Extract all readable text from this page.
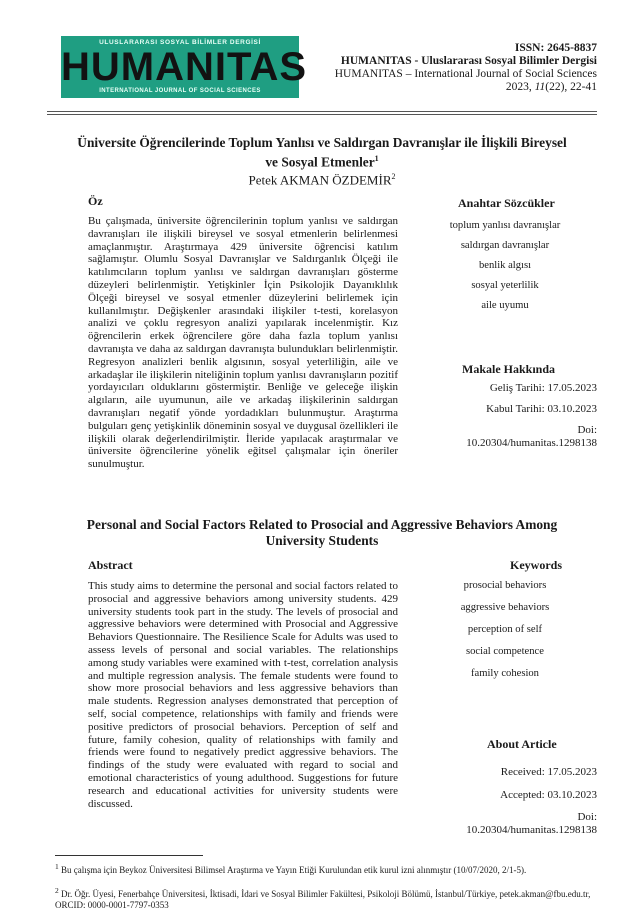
ULUSLARARASI SOSYAL BİLİMLER DERGİSİ
HUMANITAS
INTERNATIONAL JOURNAL OF SOCIAL SCIENCES
ISSN: 2645-8837
HUMANITAS - Uluslararası Sosyal Bilimler Dergisi
HUMANITAS – International Journal of Social Sciences
2023, 11(22), 22-41
Üniversite Öğrencilerinde Toplum Yanlısı ve Saldırgan Davranışlar ile İlişkili Bireysel
ve Sosyal Etmenler$^1$
Petek AKMAN ÖZDEMİR$^2$
Öz	Anahtar Sözcükler
Bu çalışmada, üniversite öğrencilerinin toplum yanlısı ve saldırgan davranışları ile ilişkili bireysel ve sosyal etmenlerin belirlenmesi amaçlanmıştır. Araştırmaya 429 üniversite öğrencisi katılım sağlamıştır. Olumlu Sosyal Davranışlar ve Saldırganlık Ölçeği ile katılımcıların toplum yanlısı ve saldırgan davranışları gösterme düzeyleri belirlenmiştir. Yetişkinler İçin Psikolojik Dayanıklılık Ölçeği bireysel ve sosyal etmenler düzeylerini belirlemek için kullanılmıştır. Değişkenler arasındaki ilişkiler t-testi, korelasyon analizi ve çoklu regresyon analizi yapılarak incelenmiştir. Kız öğrencilerin erkek öğrencilere göre daha fazla toplum yanlısı davranışta ve daha az saldırgan davranışta bulundukları belirlenmiştir. Regresyon analizleri benlik algısının, sosyal yeterliliğin, aile ve arkadaşlar ile ilişkilerin niteliğinin toplum yanlısı davranışların pozitif yordayıcıları olduklarını göstermiştir. Benliğe ve geleceğe ilişkin algıların, aile uyumunun, aile ve arkadaş ilişkilerinin saldırgan davranışları negatif yönde yordadıkları bulunmuştur. Araştırma bulguları genç yetişkinlik döneminin sosyal ve duygusal özellikleri ile ilişkili olarak değerlendirilmiştir. İleride yapılacak araştırmalar ve üniversite öğrencilerine yönelik eğitsel çalışmalar için öneriler sunulmuştur.
toplum yanlısı davranışlar
saldırgan davranışlar
benlik algısı
sosyal yeterlilik
aile uyumu
Makale Hakkında
Geliş Tarihi: 17.05.2023
Kabul Tarihi: 03.10.2023
Doi:
10.20304/humanitas.1298138
Personal and Social Factors Related to Prosocial and Aggressive Behaviors Among
University Students
Abstract	Keywords
This study aims to determine the personal and social factors related to prosocial and aggressive behaviors among university students. 429 university students took part in the study. The levels of prosocial and aggressive behaviors were determined with Prosocial and Aggressive Behaviors Questionnaire. The Resilience Scale for Adults was used to assess levels of personal and social variables. The relationships among study variables were examined with t-test, correlation analysis and multiple regression analysis. The female students were found to show more prosocial behaviors and less aggressive behaviors than male students. Regression analyses demonstrated that perception of self, social competence, relationships with family and friends were positive predictors of prosocial behaviors. Perception of self and future, family cohesion, quality of relationships with family and friends were found to negatively predict aggressive behaviors. The findings of the study were evaluated with regard to social and emotional characteristics of young adulthood. Suggestions for future research and educational activities for university students were discussed.
prosocial behaviors
aggressive behaviors
perception of self
social competence
family cohesion
About Article
Received: 17.05.2023
Accepted: 03.10.2023
Doi:
10.20304/humanitas.1298138
$^1$ Bu çalışma için Beykoz Üniversitesi Bilimsel Araştırma ve Yayın Etiği Kurulundan etik kurul izni alınmıştır (10/07/2020, 2/1-5).
$^2$ Dr. Öğr. Üyesi, Fenerbahçe Üniversitesi, İktisadi, İdari ve Sosyal Bilimler Fakültesi, Psikoloji Bölümü, İstanbul/Türkiye, petek.akman@fbu.edu.tr, ORCID: 0000-0001-7797-0353
